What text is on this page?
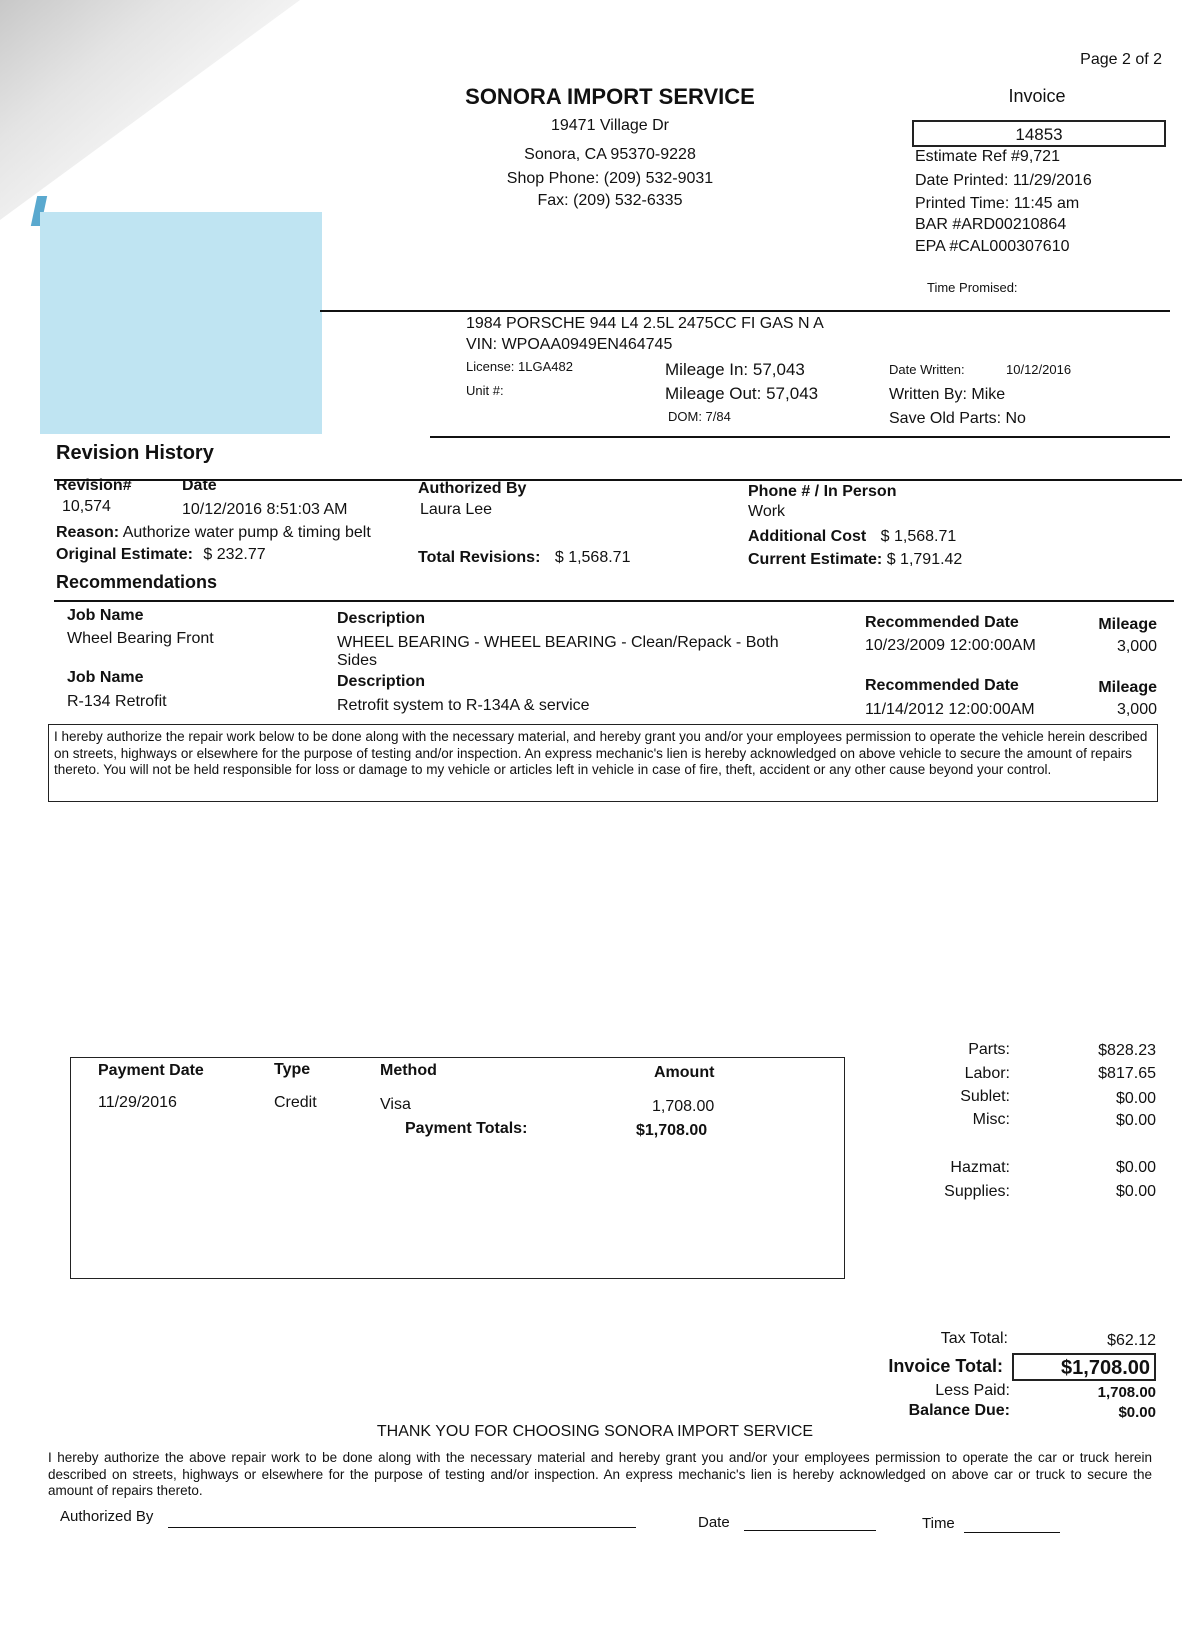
Page 2 of 2
SONORA IMPORT SERVICE
19471 Village Dr
Sonora, CA 95370-9228
Shop Phone: (209) 532-9031
Fax: (209) 532-6335
Invoice
14853
Estimate Ref #9,721
Date Printed: 11/29/2016
Printed Time: 11:45 am
BAR #ARD00210864
EPA #CAL000307610
Time Promised:
1984 PORSCHE 944 L4 2.5L 2475CC FI GAS N A
VIN: WPOAA0949EN464745
License: 1LGA482
Unit #:
Mileage In: 57,043
Mileage Out: 57,043
DOM: 7/84
Date Written:	10/12/2016
Written By: Mike
Save Old Parts: No
Revision History
Revision#	Date	Authorized By	Phone # / In Person
10,574	10/12/2016 8:51:03 AM	Laura Lee	Work
Reason: Authorize water pump & timing belt
Original Estimate: $ 232.77	Total Revisions: $ 1,568.71
Additional Cost $ 1,568.71
Current Estimate: $ 1,791.42
Recommendations
Job Name	Description	Recommended Date	Mileage
Wheel Bearing Front	WHEEL BEARING - WHEEL BEARING - Clean/Repack - Both
Sides
10/23/2009 12:00:00AM	3,000
Job Name	Description	Recommended Date	Mileage
R-134 Retrofit	Retrofit system to R-134A & service	11/14/2012 12:00:00AM	3,000
I hereby authorize the repair work below to be done along with the necessary material, and hereby grant you and/or your employees permission to operate the vehicle herein described on streets, highways or elsewhere for the purpose of testing and/or inspection. An express mechanic's lien is hereby acknowledged on above vehicle to secure the amount of repairs thereto. You will not be held responsible for loss or damage to my vehicle or articles left in vehicle in case of fire, theft, accident or any other cause beyond your control.
Payment Date	Type	Method	Amount
11/29/2016	Credit	Visa	1,708.00
Payment Totals:	$1,708.00
Parts:	$828.23
Labor:	$817.65
Sublet:	$0.00
Misc:	$0.00
Hazmat:	$0.00
Supplies:	$0.00
Tax Total:	$62.12
Invoice Total:	$1,708.00
Less Paid:	1,708.00
Balance Due:	$0.00
THANK YOU FOR CHOOSING SONORA IMPORT SERVICE
I hereby authorize the above repair work to be done along with the necessary material and hereby grant you and/or your employees permission to operate the car or truck herein described on streets, highways or elsewhere for the purpose of testing and/or inspection. An express mechanic's lien is hereby acknowledged on above car or truck to secure the amount of repairs thereto.
Authorized By	Date	Time
